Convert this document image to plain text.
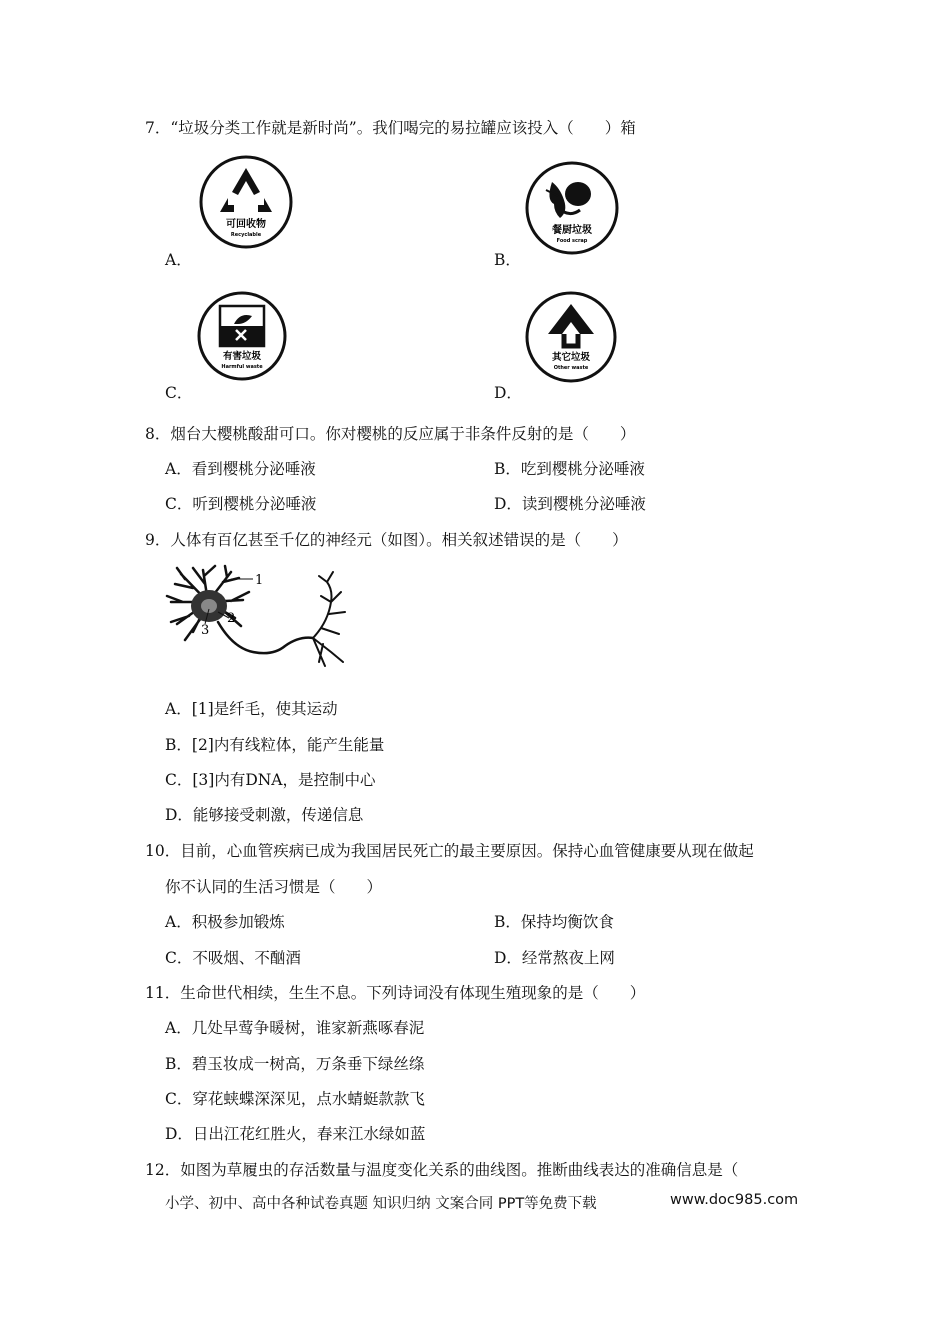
7．“垃圾分类工作就是新时尚”。我们喝完的易拉罐应该投入（　　）箱
可回收物
Recyclable
A．
餐厨垃圾
Food scrap
B．
有害垃圾
Harmful waste
C．
其它垃圾
Other waste
D．
8．烟台大樱桃酸甜可口。你对樱桃的反应属于非条件反射的是（　　）
A．看到樱桃分泌唾液	B．吃到樱桃分泌唾液
C．听到樱桃分泌唾液	D．读到樱桃分泌唾液
9．人体有百亿甚至千亿的神经元（如图）。相关叙述错误的是（　　）
1
2
3
A．[1]是纤毛，使其运动
B．[2]内有线粒体，能产生能量
C．[3]内有DNA，是控制中心
D．能够接受刺激，传递信息
10．目前，心血管疾病已成为我国居民死亡的最主要原因。保持心血管健康要从现在做起
你不认同的生活习惯是（　　）
A．积极参加锻炼	B．保持均衡饮食
C．不吸烟、不酗酒	D．经常熬夜上网
11．生命世代相续，生生不息。下列诗词没有体现生殖现象的是（　　）
A．几处早莺争暖树，谁家新燕啄春泥
B．碧玉妆成一树高，万条垂下绿丝绦
C．穿花蛱蝶深深见，点水蜻蜓款款飞
D．日出江花红胜火，春来江水绿如蓝
12．如图为草履虫的存活数量与温度变化关系的曲线图。推断曲线表达的准确信息是（
小学、初中、高中各种试卷真题 知识归纳 文案合同 PPT等免费下载	www.doc985.com
